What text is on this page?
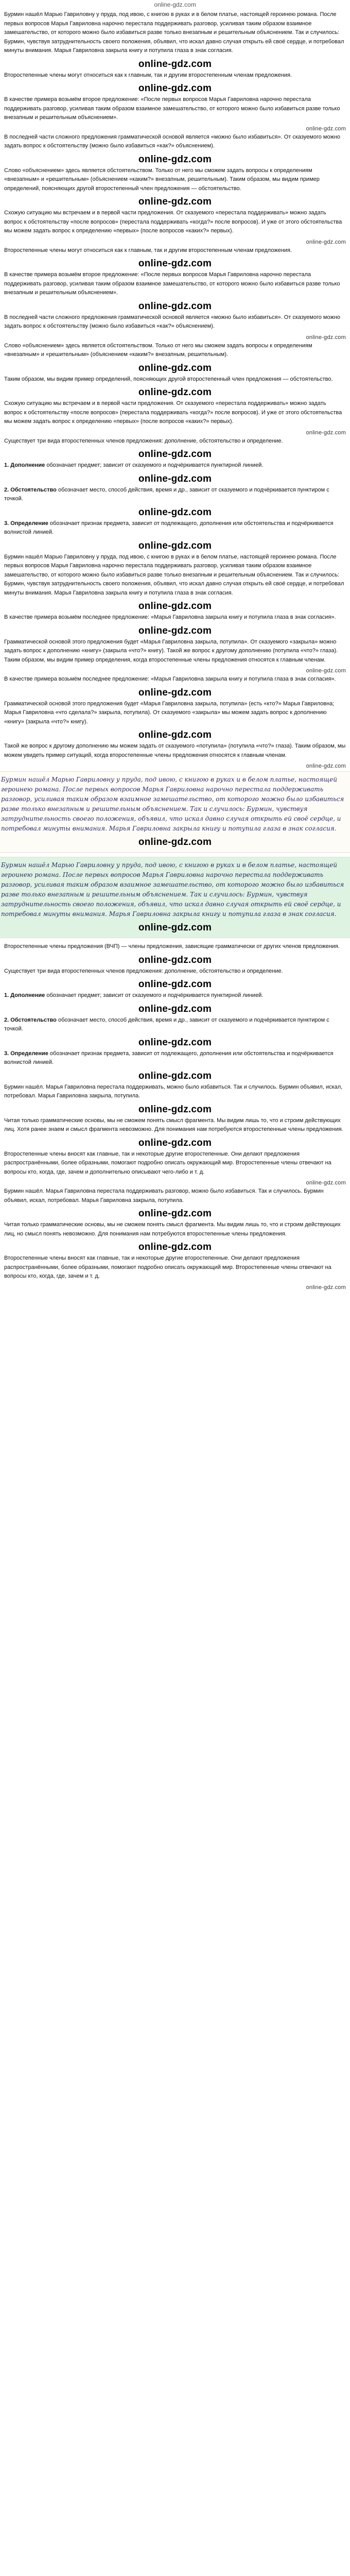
online-gdz.com

Бурмин нашёл Марью Гавриловну у пруда, под ивою, с книгою в руках и в белом платье, настоящей героинею романа. После первых вопросов Марья Гавриловна нарочно перестала поддерживать разговор, усиливая таким образом взаимное замешательство, от которого можно было избавиться разве только внезапным и решительным объяснением. Так и случилось: Бурмин, чувствуя затруднительность своего положения, объявил, что искал давно случая открыть ей своё сердце, и потребовал минуты внимания. Марья Гавриловна закрыла книгу и потупила глаза в знак согласия.

online-gdz.com

Второстепенные члены могут относиться как к главным, так и другим второстепенным членам предложения.

online-gdz.com

В качестве примера возьмём второе предложение: «После первых вопросов Марья Гавриловна нарочно перестала поддерживать разговор, усиливая таким образом взаимное замешательство, от которого можно было избавиться разве только внезапным и решительным объяснением».

online-gdz.com

В последней части сложного предложения грамматической основой является «можно было избавиться». От сказуемого можно задать вопрос к обстоятельству (можно было избавиться «как?» объяснением).

online-gdz.com

Слово «объяснением» здесь является обстоятельством. Только от него мы сможем задать вопросы к определениям «внезапным» и «решительным» (объяснением «каким?» внезапным, решительным). Таким образом, мы видим пример определений, поясняющих другой второстепенный член предложения — обстоятельство.

online-gdz.com

Схожую ситуацию мы встречаем и в первой части предложения. От сказуемого «перестала поддерживать» можно задать вопрос к обстоятельству «после вопросов» (перестала поддерживать «когда?» после вопросов). И уже от этого обстоятельства мы можем задать вопрос к определению «первых» (после вопросов «каких?» первых).

online-gdz.com

Второстепенные члены могут относиться как к главным, так и другим второстепенным членам предложения.

online-gdz.com

В качестве примера возьмём второе предложение: «После первых вопросов Марья Гавриловна нарочно перестала поддерживать разговор, усиливая таким образом взаимное замешательство, от которого можно было избавиться разве только внезапным и решительным объяснением».

online-gdz.com

В последней части сложного предложения грамматической основой является «можно было избавиться». От сказуемого можно задать вопрос к обстоятельству (можно было избавиться «как?» объяснением).

online-gdz.com

Слово «объяснением» здесь является обстоятельством. Только от него мы сможем задать вопросы к определениям «внезапным» и «решительным» (объяснением «каким?» внезапным, решительным).

online-gdz.com

Таким образом, мы видим пример определений, поясняющих другой второстепенный член предложения — обстоятельство.

online-gdz.com

Схожую ситуацию мы встречаем и в первой части предложения. От сказуемого «перестала поддерживать» можно задать вопрос к обстоятельству «после вопросов» (перестала поддерживать «когда?» после вопросов). И уже от этого обстоятельства мы можем задать вопрос к определению «первых» (после вопросов «каких?» первых).

online-gdz.com

Существует три вида второстепенных членов предложения: дополнение, обстоятельство и определение.

online-gdz.com

1. Дополнение обозначает предмет; зависит от сказуемого и подчёркивается пунктирной линией.

online-gdz.com

2. Обстоятельство обозначает место, способ действия, время и др., зависит от сказуемого и подчёркивается пунктиром с точкой.

online-gdz.com

3. Определение обозначает признак предмета, зависит от подлежащего, дополнения или обстоятельства и подчёркивается волнистой линией.

online-gdz.com

Бурмин нашёл Марью Гавриловну у пруда, под ивою, с книгою в руках и в белом платье, настоящей героинею романа. После первых вопросов Марья Гавриловна нарочно перестала поддерживать разговор, усиливая таким образом взаимное замешательство, от которого можно было избавиться разве только внезапным и решительным объяснением. Так и случилось: Бурмин, чувствуя затруднительность своего положения, объявил, что искал давно случая открыть ей своё сердце, и потребовал минуты внимания. Марья Гавриловна закрыла книгу и потупила глаза в знак согласия.

online-gdz.com

В качестве примера возьмём последнее предложение: «Марья Гавриловна закрыла книгу и потупила глаза в знак согласия».

online-gdz.com

Грамматической основой этого предложения будет «Марья Гавриловна закрыла, потупила». От сказуемого «закрыла» можно задать вопрос к дополнению «книгу» (закрыла «что?» книгу). Такой же вопрос к другому дополнению (потупила «что?» глаза). Таким образом, мы видим пример определения, когда второстепенные члены предложения относятся к главным членам.

online-gdz.com

В качестве примера возьмём последнее предложение: «Марья Гавриловна закрыла книгу и потупила глаза в знак согласия».

online-gdz.com

Грамматической основой этого предложения будет «Марья Гавриловна закрыла, потупила» (есть «кто?» Марья Гавриловна; Марья Гавриловна «что сделала?» закрыла, потупила). От сказуемого «закрыла» мы можем задать вопрос к дополнению «книгу» (закрыла «что?» книгу).

online-gdz.com

Такой же вопрос к другому дополнению мы можем задать от сказуемого «потупила» (потупила «что?» глаза). Таким образом, мы можем увидеть пример ситуаций, когда второстепенные члены предложения относятся к главным членам.

online-gdz.com

Бурмин нашёл Марью Гавриловну у пруда, под ивою, с книгою в руках и в белом платье, настоящей героинею романа. После первых вопросов Марья Гавриловна нарочно перестала поддерживать разговор, усиливая таким образом взаимное замешательство, от которого можно было избавиться разве только внезапным и решительным объяснением. Так и случилось: Бурмин, чувствуя затруднительность своего положения, объявил, что искал давно случая открыть ей своё сердце, и потребовал минуты внимания. Марья Гавриловна закрыла книгу и потупила глаза в знак согласия.

online-gdz.com

Бурмин нашёл Марью Гавриловну у пруда, под ивою, с книгою в руках и в белом платье, настоящей героинею романа. После первых вопросов Марья Гавриловна нарочно перестала поддерживать разговор, усиливая таким образом взаимное замешательство, от которого можно было избавиться разве только внезапным и решительным объяснением. Так и случилось: Бурмин, чувствуя затруднительность своего положения, объявил, что искал давно случая открыть ей своё сердце, и потребовал минуты внимания. Марья Гавриловна закрыла книгу и потупила глаза в знак согласия.

online-gdz.com

Второстепенные члены предложения (ВЧП) — члены предложения, зависящие грамматически от других членов предложения.

online-gdz.com

Существует три вида второстепенных членов предложения: дополнение, обстоятельство и определение.

online-gdz.com

1. Дополнение обозначает предмет; зависит от сказуемого и подчёркивается пунктирной линией.

online-gdz.com

2. Обстоятельство обозначает место, способ действия, время и др., зависит от сказуемого и подчёркивается пунктиром с точкой.

online-gdz.com

3. Определение обозначает признак предмета, зависит от подлежащего, дополнения или обстоятельства и подчёркивается волнистой линией.

online-gdz.com

Бурмин нашёл. Марья Гавриловна перестала поддерживать, можно было избавиться. Так и случилось. Бурмин объявил, искал, потребовал. Марья Гавриловна закрыла, потупила.

online-gdz.com

Читая только грамматические основы, мы не сможем понять смысл фрагмента. Мы видим лишь то, что и строим действующих лиц. Хотя ранее знаем и смысл фрагмента невозможно. Для понимания нам потребуются второстепенные члены предложения.

online-gdz.com

Второстепенные члены вносят как главные, так и некоторые другие второстепенные. Они делают предложения распространёнными, более образными, помогают подробно описать окружающий мир. Второстепенные члены отвечают на вопросы кто, когда, где, зачем и дополнительно описывают чего-либо и т. д.

online-gdz.com

Бурмин нашёл. Марья Гавриловна перестала поддерживать разговор, можно было избавиться. Так и случилось. Бурмин объявил, искал, потребовал. Марья Гавриловна закрыла, потупила.

online-gdz.com

Читая только грамматические основы, мы не сможем понять смысл фрагмента. Мы видим лишь то, что и строим действующих лиц, но смысл понять невозможно. Для понимания нам потребуются второстепенные члены предложения.

online-gdz.com

Второстепенные члены вносят как главные, так и некоторые другие второстепенные. Они делают предложения распространёнными, более образными, помогают подробно описать окружающий мир. Второстепенные члены отвечают на вопросы кто, когда, где, зачем и т. д.

online-gdz.com
